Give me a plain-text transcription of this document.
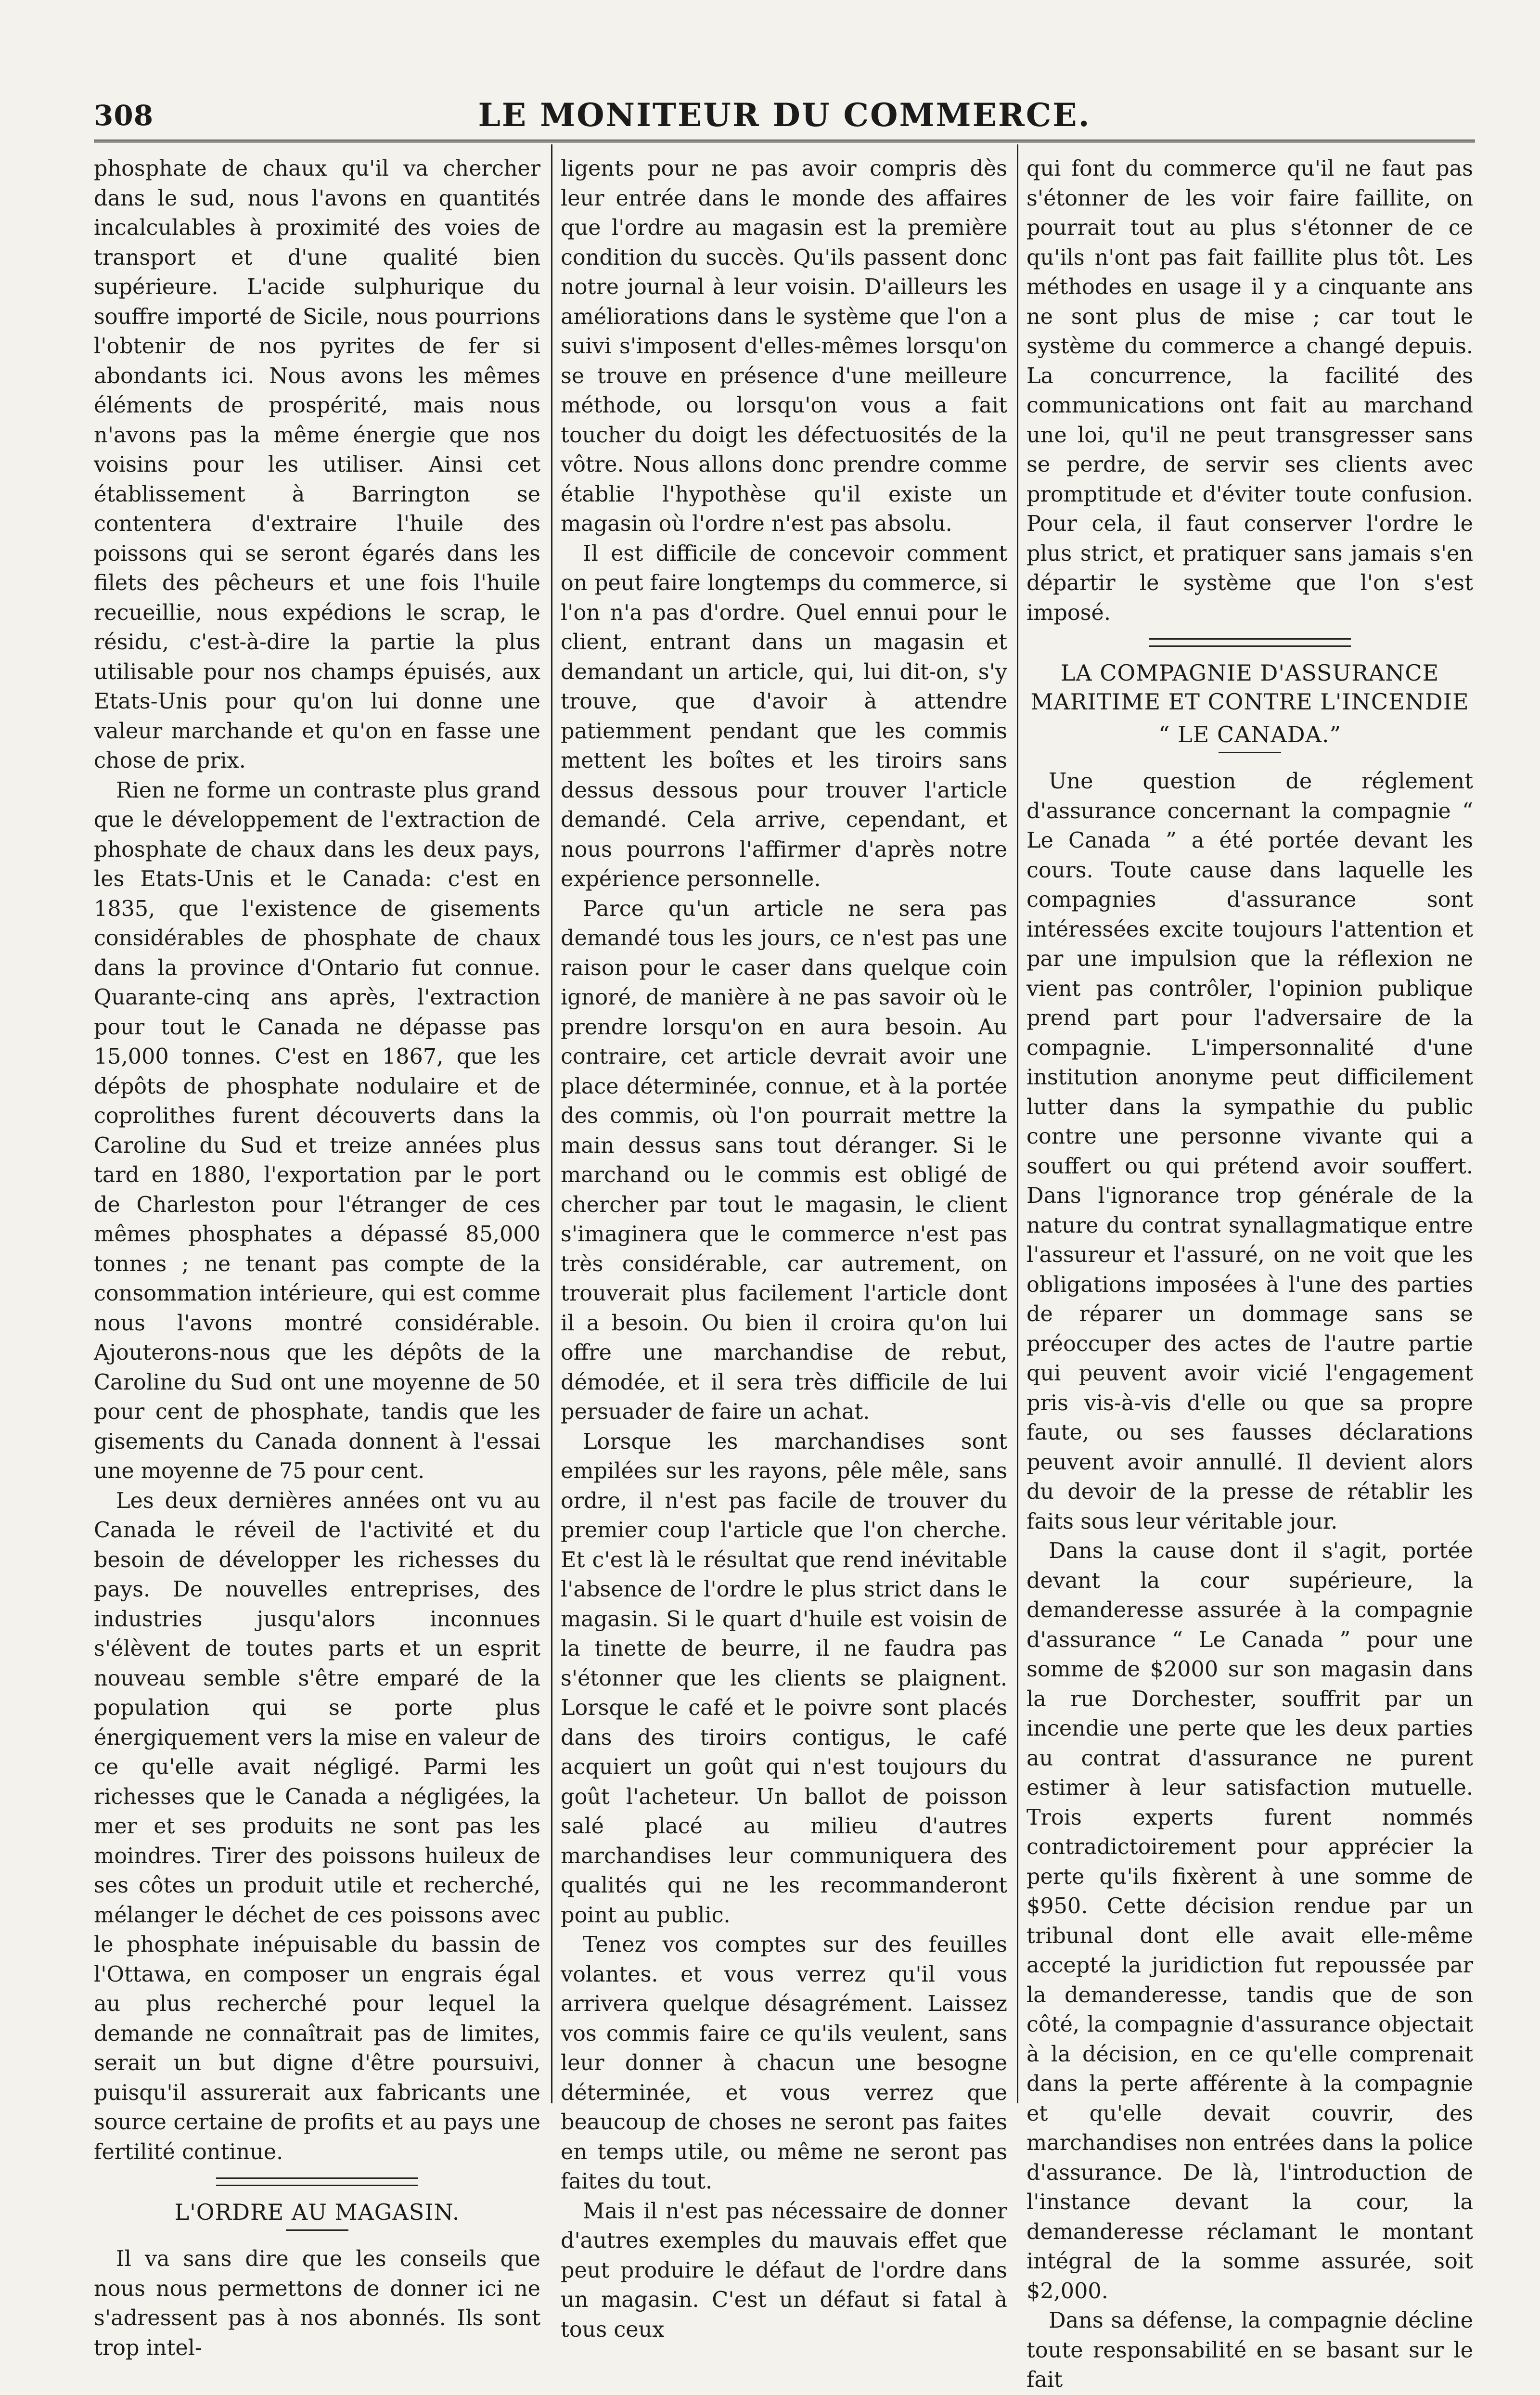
308	LE MONITEUR DU COMMERCE.

phosphate de chaux qu'il va chercher dans le sud, nous l'avons en quantités incalculables à proximité des voies de transport et d'une qualité bien supérieure. L'acide sulphurique du souffre importé de Sicile, nous pourrions l'obtenir de nos pyrites de fer si abondants ici. Nous avons les mêmes éléments de prospérité, mais nous n'avons pas la même énergie que nos voisins pour les utiliser. Ainsi cet établissement à Barrington se contentera d'extraire l'huile des poissons qui se seront égarés dans les filets des pêcheurs et une fois l'huile recueillie, nous expédions le scrap, le résidu, c'est-à-dire la partie la plus utilisable pour nos champs épuisés, aux Etats-Unis pour qu'on lui donne une valeur marchande et qu'on en fasse une chose de prix.

Rien ne forme un contraste plus grand que le développement de l'extraction de phosphate de chaux dans les deux pays, les Etats-Unis et le Canada: c'est en 1835, que l'existence de gisements considérables de phosphate de chaux dans la province d'Ontario fut connue. Quarante-cinq ans après, l'extraction pour tout le Canada ne dépasse pas 15,000 tonnes. C'est en 1867, que les dépôts de phosphate nodulaire et de coprolithes furent découverts dans la Caroline du Sud et treize années plus tard en 1880, l'exportation par le port de Charleston pour l'étranger de ces mêmes phosphates a dépassé 85,000 tonnes ; ne tenant pas compte de la consommation intérieure, qui est comme nous l'avons montré considérable. Ajouterons-nous que les dépôts de la Caroline du Sud ont une moyenne de 50 pour cent de phosphate, tandis que les gisements du Canada donnent à l'essai une moyenne de 75 pour cent.

Les deux dernières années ont vu au Canada le réveil de l'activité et du besoin de développer les richesses du pays. De nouvelles entreprises, des industries jusqu'alors inconnues s'élèvent de toutes parts et un esprit nouveau semble s'être emparé de la population qui se porte plus énergiquement vers la mise en valeur de ce qu'elle avait négligé. Parmi les richesses que le Canada a négligées, la mer et ses produits ne sont pas les moindres. Tirer des poissons huileux de ses côtes un produit utile et recherché, mélanger le déchet de ces poissons avec le phosphate inépuisable du bassin de l'Ottawa, en composer un engrais égal au plus recherché pour lequel la demande ne connaîtrait pas de limites, serait un but digne d'être poursuivi, puisqu'il assurerait aux fabricants une source certaine de profits et au pays une fertilité continue.

L'ORDRE AU MAGASIN.

Il va sans dire que les conseils que nous nous permettons de donner ici ne s'adressent pas à nos abonnés. Ils sont trop intel-

ligents pour ne pas avoir compris dès leur entrée dans le monde des affaires que l'ordre au magasin est la première condition du succès. Qu'ils passent donc notre journal à leur voisin. D'ailleurs les améliorations dans le système que l'on a suivi s'imposent d'elles-mêmes lorsqu'on se trouve en présence d'une meilleure méthode, ou lorsqu'on vous a fait toucher du doigt les défectuosités de la vôtre. Nous allons donc prendre comme établie l'hypothèse qu'il existe un magasin où l'ordre n'est pas absolu.

Il est difficile de concevoir comment on peut faire longtemps du commerce, si l'on n'a pas d'ordre. Quel ennui pour le client, entrant dans un magasin et demandant un article, qui, lui dit-on, s'y trouve, que d'avoir à attendre patiemment pendant que les commis mettent les boîtes et les tiroirs sans dessus dessous pour trouver l'article demandé. Cela arrive, cependant, et nous pourrons l'affirmer d'après notre expérience personnelle.

Parce qu'un article ne sera pas demandé tous les jours, ce n'est pas une raison pour le caser dans quelque coin ignoré, de manière à ne pas savoir où le prendre lorsqu'on en aura besoin. Au contraire, cet article devrait avoir une place déterminée, connue, et à la portée des commis, où l'on pourrait mettre la main dessus sans tout déranger. Si le marchand ou le commis est obligé de chercher par tout le magasin, le client s'imaginera que le commerce n'est pas très considérable, car autrement, on trouverait plus facilement l'article dont il a besoin. Ou bien il croira qu'on lui offre une marchandise de rebut, démodée, et il sera très difficile de lui persuader de faire un achat.

Lorsque les marchandises sont empilées sur les rayons, pêle mêle, sans ordre, il n'est pas facile de trouver du premier coup l'article que l'on cherche. Et c'est là le résultat que rend inévitable l'absence de l'ordre le plus strict dans le magasin. Si le quart d'huile est voisin de la tinette de beurre, il ne faudra pas s'étonner que les clients se plaignent. Lorsque le café et le poivre sont placés dans des tiroirs contigus, le café acquiert un goût qui n'est toujours du goût l'acheteur. Un ballot de poisson salé placé au milieu d'autres marchandises leur communiquera des qualités qui ne les recommanderont point au public.

Tenez vos comptes sur des feuilles volantes. et vous verrez qu'il vous arrivera quelque désagrément. Laissez vos commis faire ce qu'ils veulent, sans leur donner à chacun une besogne déterminée, et vous verrez que beaucoup de choses ne seront pas faites en temps utile, ou même ne seront pas faites du tout.

Mais il n'est pas nécessaire de donner d'autres exemples du mauvais effet que peut produire le défaut de l'ordre dans un magasin. C'est un défaut si fatal à tous ceux

qui font du commerce qu'il ne faut pas s'étonner de les voir faire faillite, on pourrait tout au plus s'étonner de ce qu'ils n'ont pas fait faillite plus tôt. Les méthodes en usage il y a cinquante ans ne sont plus de mise ; car tout le système du commerce a changé depuis. La concurrence, la facilité des communications ont fait au marchand une loi, qu'il ne peut transgresser sans se perdre, de servir ses clients avec promptitude et d'éviter toute confusion. Pour cela, il faut conserver l'ordre le plus strict, et pratiquer sans jamais s'en départir le système que l'on s'est imposé.

LA COMPAGNIE D'ASSURANCE MARITIME ET CONTRE L'INCENDIE
“ LE CANADA.”

Une question de réglement d'assurance concernant la compagnie “ Le Canada ” a été portée devant les cours. Toute cause dans laquelle les compagnies d'assurance sont intéressées excite toujours l'attention et par une impulsion que la réflexion ne vient pas contrôler, l'opinion publique prend part pour l'adversaire de la compagnie. L'impersonnalité d'une institution anonyme peut difficilement lutter dans la sympathie du public contre une personne vivante qui a souffert ou qui prétend avoir souffert. Dans l'ignorance trop générale de la nature du contrat synallagmatique entre l'assureur et l'assuré, on ne voit que les obligations imposées à l'une des parties de réparer un dommage sans se préoccuper des actes de l'autre partie qui peuvent avoir vicié l'engagement pris vis-à-vis d'elle ou que sa propre faute, ou ses fausses déclarations peuvent avoir annullé. Il devient alors du devoir de la presse de rétablir les faits sous leur véritable jour.

Dans la cause dont il s'agit, portée devant la cour supérieure, la demanderesse assurée à la compagnie d'assurance “ Le Canada ” pour une somme de $2000 sur son magasin dans la rue Dorchester, souffrit par un incendie une perte que les deux parties au contrat d'assurance ne purent estimer à leur satisfaction mutuelle. Trois experts furent nommés contradictoirement pour apprécier la perte qu'ils fixèrent à une somme de $950. Cette décision rendue par un tribunal dont elle avait elle-même accepté la juridiction fut repoussée par la demanderesse, tandis que de son côté, la compagnie d'assurance objectait à la décision, en ce qu'elle comprenait dans la perte afférente à la compagnie et qu'elle devait couvrir, des marchandises non entrées dans la police d'assurance. De là, l'introduction de l'instance devant la cour, la demanderesse réclamant le montant intégral de la somme assurée, soit $2,000.

Dans sa défense, la compagnie décline toute responsabilité en se basant sur le fait
